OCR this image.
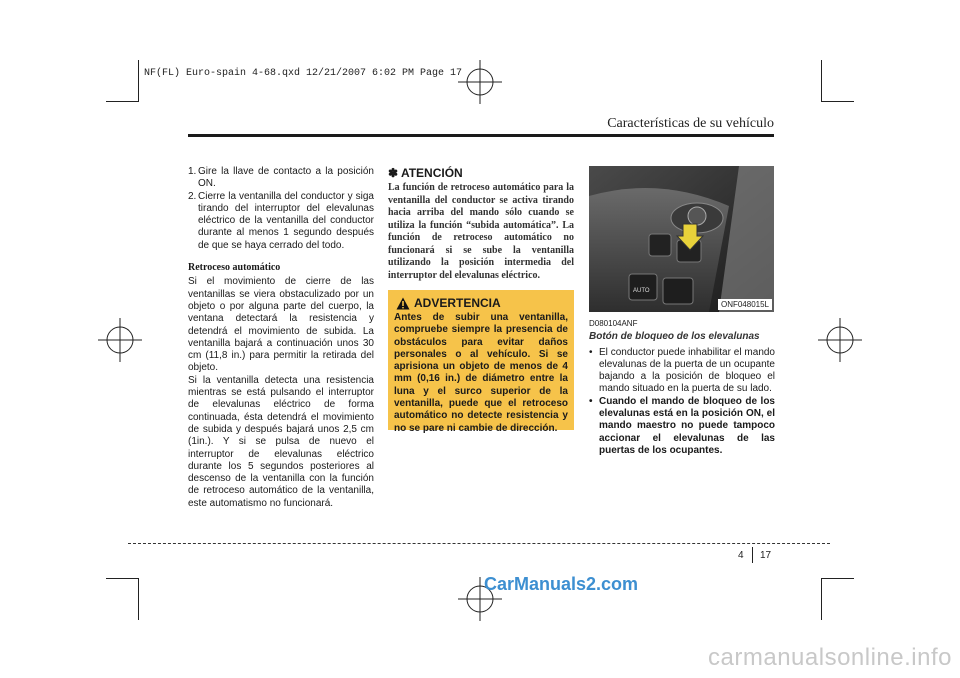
NF(FL) Euro-spain 4-68.qxd 12/21/2007 6:02 PM Page 17
Características de su vehículo
1. Gire la llave de contacto a la posición ON.
2. Cierre la ventanilla del conductor y siga tirando del interruptor del elevalunas eléctrico de la ventanilla del conductor durante al menos 1 segundo después de que se haya cerrado del todo.
Retroceso automático

Si el movimiento de cierre de las ventanillas se viera obstaculizado por un objeto o por alguna parte del cuerpo, la ventana detectará la resistencia y detendrá el movimiento de subida. La ventanilla bajará a continuación unos 30 cm (11,8 in.) para permitir la retirada del objeto.

Si la ventanilla detecta una resistencia mientras se está pulsando el interruptor de elevalunas eléctrico de forma continuada, ésta detendrá el movimiento de subida y después bajará unos 2,5 cm (1in.). Y si se pulsa de nuevo el interruptor de elevalunas eléctrico durante los 5 segundos posteriores al descenso de la ventanilla con la función de retroceso automático de la ventanilla, este automatismo no funcionará.

✽ ATENCIÓN

La función de retroceso automático para la ventanilla del conductor se activa tirando hacia arriba del mando sólo cuando se utiliza la función “subida automática”. La función de retroceso automático no funcionará si se sube la ventanilla utilizando la posición intermedia del interruptor del elevalunas eléctrico.

ADVERTENCIA
Antes de subir una ventanilla, compruebe siempre la presencia de obstáculos para evitar daños personales o al vehículo. Si se aprisiona un objeto de menos de 4 mm (0,16 in.) de diámetro entre la luna y el surco superior de la ventanilla, puede que el retroceso automático no detecte resistencia y no se pare ni cambie de dirección.
AUTO
ONF048015L

D080104ANF

Botón de bloqueo de los elevalunas

• El conductor puede inhabilitar el mando elevalunas de la puerta de un ocupante bajando a la posición de bloqueo el mando situado en la puerta de su lado.
• Cuando el mando de bloqueo de los elevalunas está en la posición ON, el mando maestro no puede tampoco accionar el elevalunas de las puertas de los ocupantes.
4 17
CarManuals2.com
carmanualsonline.info
